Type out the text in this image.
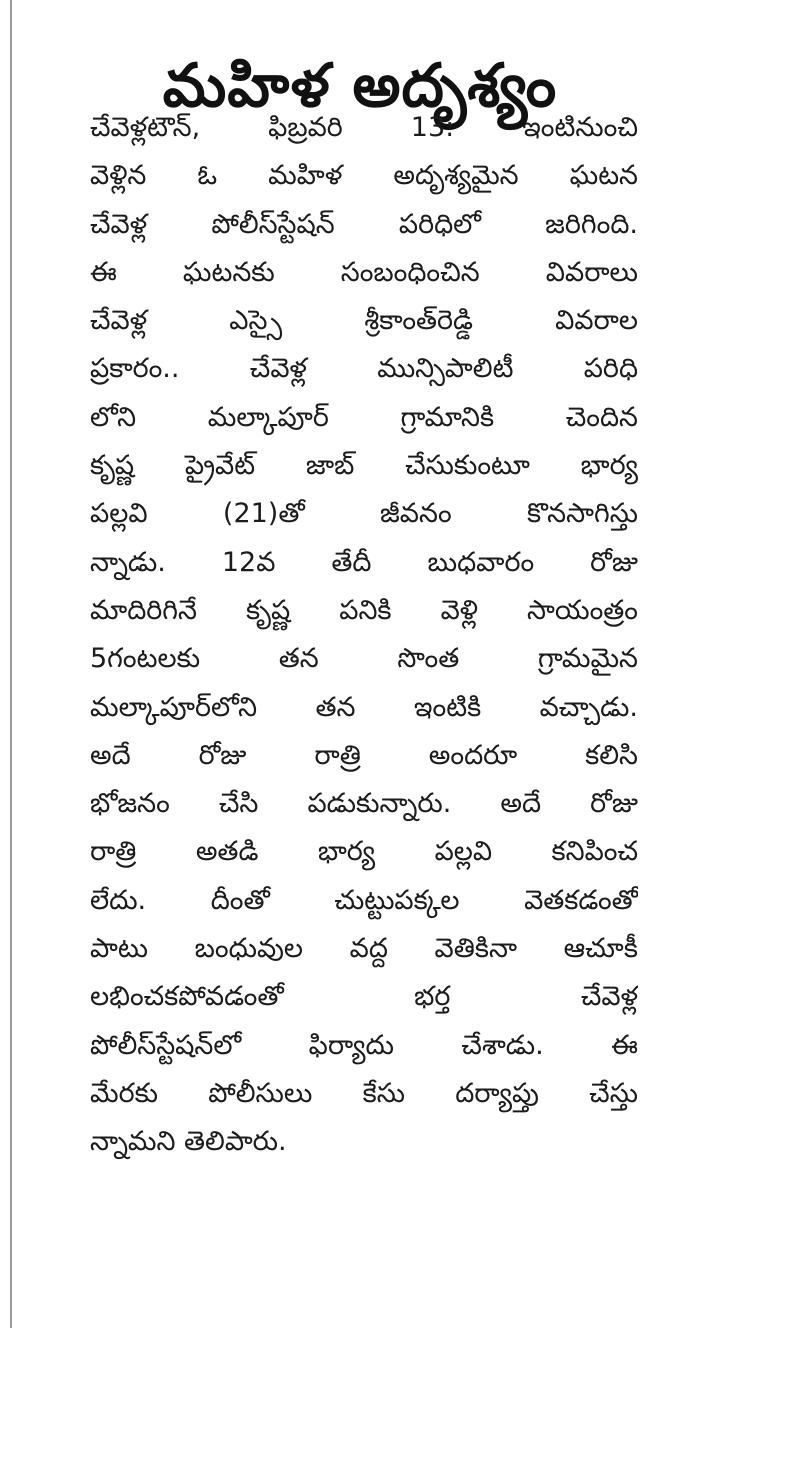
మహిళ అదృశ్యం
చేవెళ్లటౌన్, ఫిబ్రవరి 13: ఇంటినుంచి
వెళ్లిన ఓ మహిళ అదృశ్యమైన ఘటన
చేవెళ్ల పోలీస్‌స్టేషన్ పరిధిలో జరిగింది.
ఈ ఘటనకు సంబంధించిన వివరాలు
చేవెళ్ల ఎస్సై శ్రీకాంత్‌రెడ్డి వివరాల
ప్రకారం.. చేవెళ్ల మున్సిపాలిటీ పరిధి
లోని మల్కాపూర్ గ్రామానికి చెందిన
కృష్ణ ప్రైవేట్ జాబ్ చేసుకుంటూ భార్య
పల్లవి (21)తో జీవనం కొనసాగిస్తు
న్నాడు. 12వ తేదీ బుధవారం రోజు
మాదిరిగినే కృష్ణ పనికి వెళ్లి సాయంత్రం
5గంటలకు తన సొంత గ్రామమైన
మల్కాపూర్‌లోని తన ఇంటికి వచ్చాడు.
అదే రోజు రాత్రి అందరూ కలిసి
భోజనం చేసి పడుకున్నారు. అదే రోజు
రాత్రి అతడి భార్య పల్లవి కనిపించ
లేదు. దీంతో చుట్టుపక్కల వెతకడంతో
పాటు బంధువుల వద్ద వెతికినా ఆచూకీ
లభించకపోవడంతో భర్త చేవెళ్ల
పోలీస్‌స్టేషన్‌లో ఫిర్యాదు చేశాడు. ఈ
మేరకు పోలీసులు కేసు దర్యాప్తు చేస్తు
న్నామని తెలిపారు.
